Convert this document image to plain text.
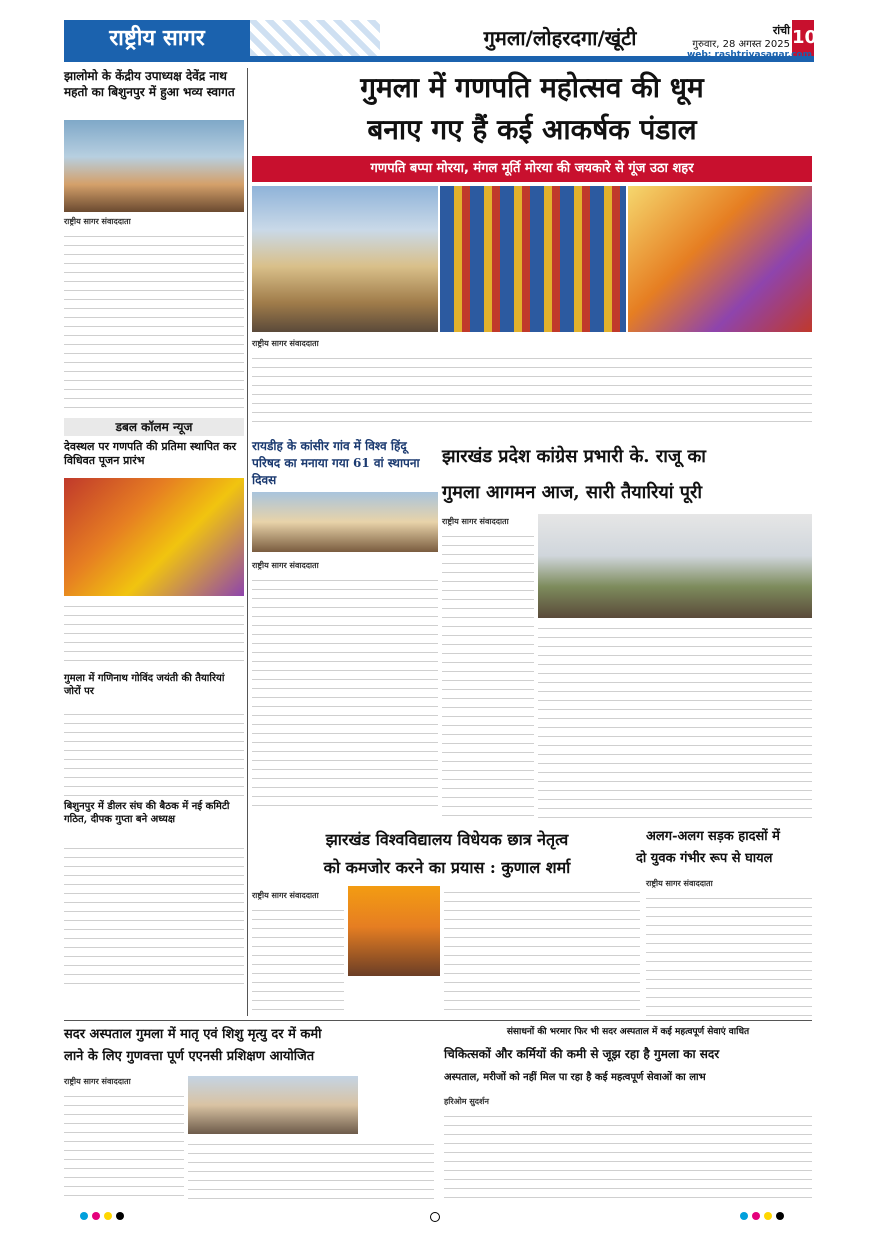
राष्ट्रीय सागर	गुमला/लोहरदगा/खूंटी	रांची
गुरुवार, 28 अगस्त 2025 10
web: rashtriyasagar.com
झालोमो के केंद्रीय उपाध्यक्ष देवेंद्र नाथ महतो का बिशुनपुर में हुआ भव्य स्वागत
राष्ट्रीय सागर संवाददाता
डबल कॉलम न्यूज
देवस्थल पर गणपति की प्रतिमा स्थापित कर विधिवत पूजन प्रारंभ
गुमला में गणिनाथ गोविंद जयंती की तैयारियां जोरों पर
बिशुनपुर में डीलर संघ की बैठक में नई कमिटी गठित, दीपक गुप्ता बने अध्यक्ष
गुमला में गणपति महोत्सव की धूम
बनाए गए हैं कई आकर्षक पंडाल
गणपति बप्पा मोरया, मंगल मूर्ति मोरया की जयकारे से गूंज उठा शहर
राष्ट्रीय सागर संवाददाता
रायडीह के कांसीर गांव में विश्व हिंदू परिषद का मनाया गया 61 वां स्थापना दिवस
राष्ट्रीय सागर संवाददाता
झारखंड प्रदेश कांग्रेस प्रभारी के. राजू का
गुमला आगमन आज, सारी तैयारियां पूरी
राष्ट्रीय सागर संवाददाता
झारखंड विश्वविद्यालय विधेयक छात्र नेतृत्व
को कमजोर करने का प्रयास : कुणाल शर्मा
राष्ट्रीय सागर संवाददाता
अलग-अलग सड़क हादसों में
दो युवक गंभीर रूप से घायल
राष्ट्रीय सागर संवाददाता
सदर अस्पताल गुमला में मातृ एवं शिशु मृत्यु दर में कमी
लाने के लिए गुणवत्ता पूर्ण एएनसी प्रशिक्षण आयोजित
राष्ट्रीय सागर संवाददाता
संसाधनों की भरमार फिर भी सदर अस्पताल में कई महत्वपूर्ण सेवाएं वाधित
चिकित्सकों और कर्मियों की कमी से जूझ रहा है गुमला का सदर
अस्पताल, मरीजों को नहीं मिल पा रहा है कई महत्वपूर्ण सेवाओं का लाभ
हरिओम सुदर्शन
